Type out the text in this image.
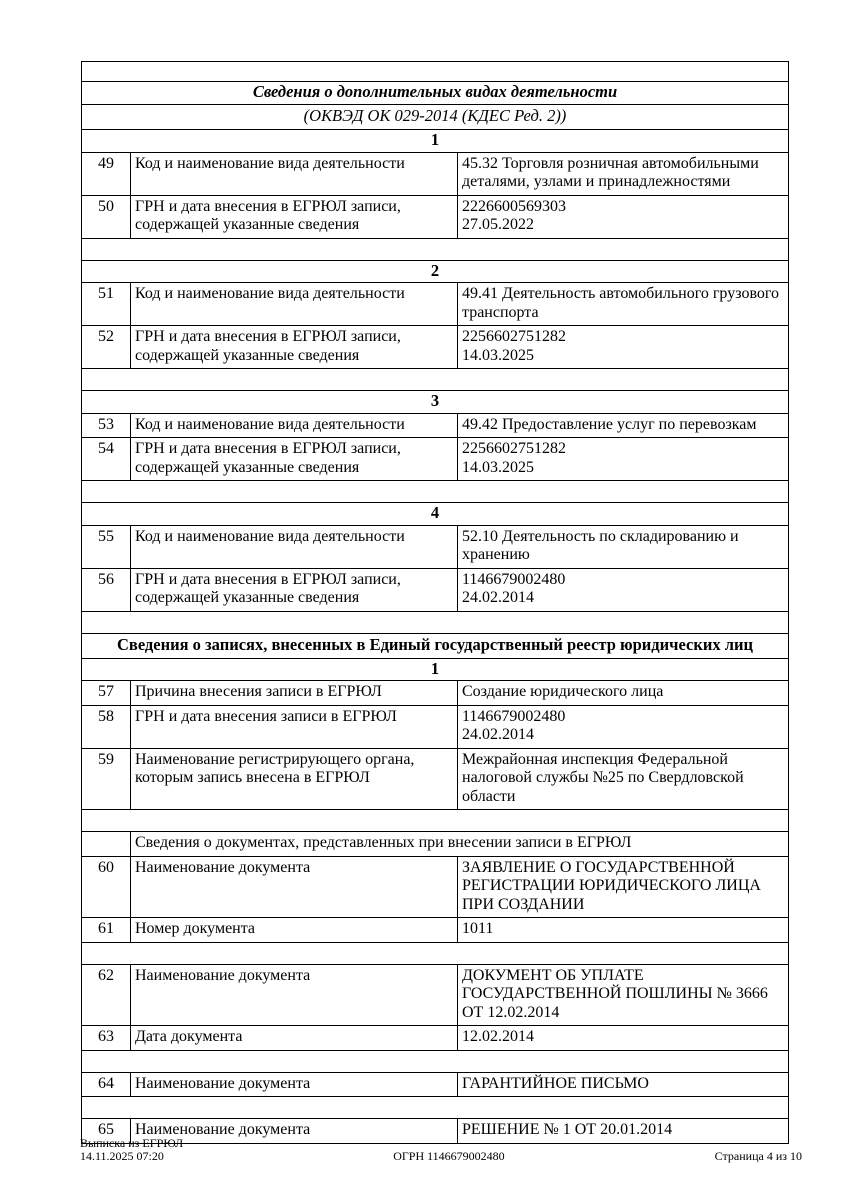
Сведения о дополнительных видах деятельности		
(ОКВЭД ОК 029-2014 (КДЕС Ред. 2))		
1		
49	Код и наименование вида деятельности	45.32 Торговля розничная автомобильными деталями, узлами и принадлежностями

50	ГРН и дата внесения в ЕГРЮЛ записи, содержащей указанные сведения	2226600569303
27.05.2022

2		
51	Код и наименование вида деятельности	49.41 Деятельность автомобильного грузового транспорта

52	ГРН и дата внесения в ЕГРЮЛ записи, содержащей указанные сведения	2256602751282
14.03.2025

3		
53	Код и наименование вида деятельности	49.42 Предоставление услуг по перевозкам

54	ГРН и дата внесения в ЕГРЮЛ записи, содержащей указанные сведения	2256602751282
14.03.2025

4		
55	Код и наименование вида деятельности	52.10 Деятельность по складированию и хранению

56	ГРН и дата внесения в ЕГРЮЛ записи, содержащей указанные сведения	1146679002480
24.02.2014

Сведения о записях, внесенных в Единый государственный реестр юридических лиц		
1		
57	Причина внесения записи в ЕГРЮЛ	Создание юридического лица

58	ГРН и дата внесения записи в ЕГРЮЛ	1146679002480
24.02.2014

59	Наименование регистрирующего органа, которым запись внесена в ЕГРЮЛ	Межрайонная инспекция Федеральной налоговой службы №25 по Свердловской области

	Сведения о документах, представленных при внесении записи в ЕГРЮЛ	
60	Наименование документа	ЗАЯВЛЕНИЕ О ГОСУДАРСТВЕННОЙ РЕГИСТРАЦИИ ЮРИДИЧЕСКОГО ЛИЦА ПРИ СОЗДАНИИ

61	Номер документа	1011

62	Наименование документа	ДОКУМЕНТ ОБ УПЛАТЕ ГОСУДАРСТВЕННОЙ ПОШЛИНЫ № 3666 ОТ 12.02.2014

63	Дата документа	12.02.2014

64	Наименование документа	ГАРАНТИЙНОЕ ПИСЬМО

65	Наименование документа	РЕШЕНИЕ № 1 ОТ 20.01.2014
Выписка из ЕГРЮЛ
14.11.2025 07:20	ОГРН 1146679002480	Страница 4 из 10
